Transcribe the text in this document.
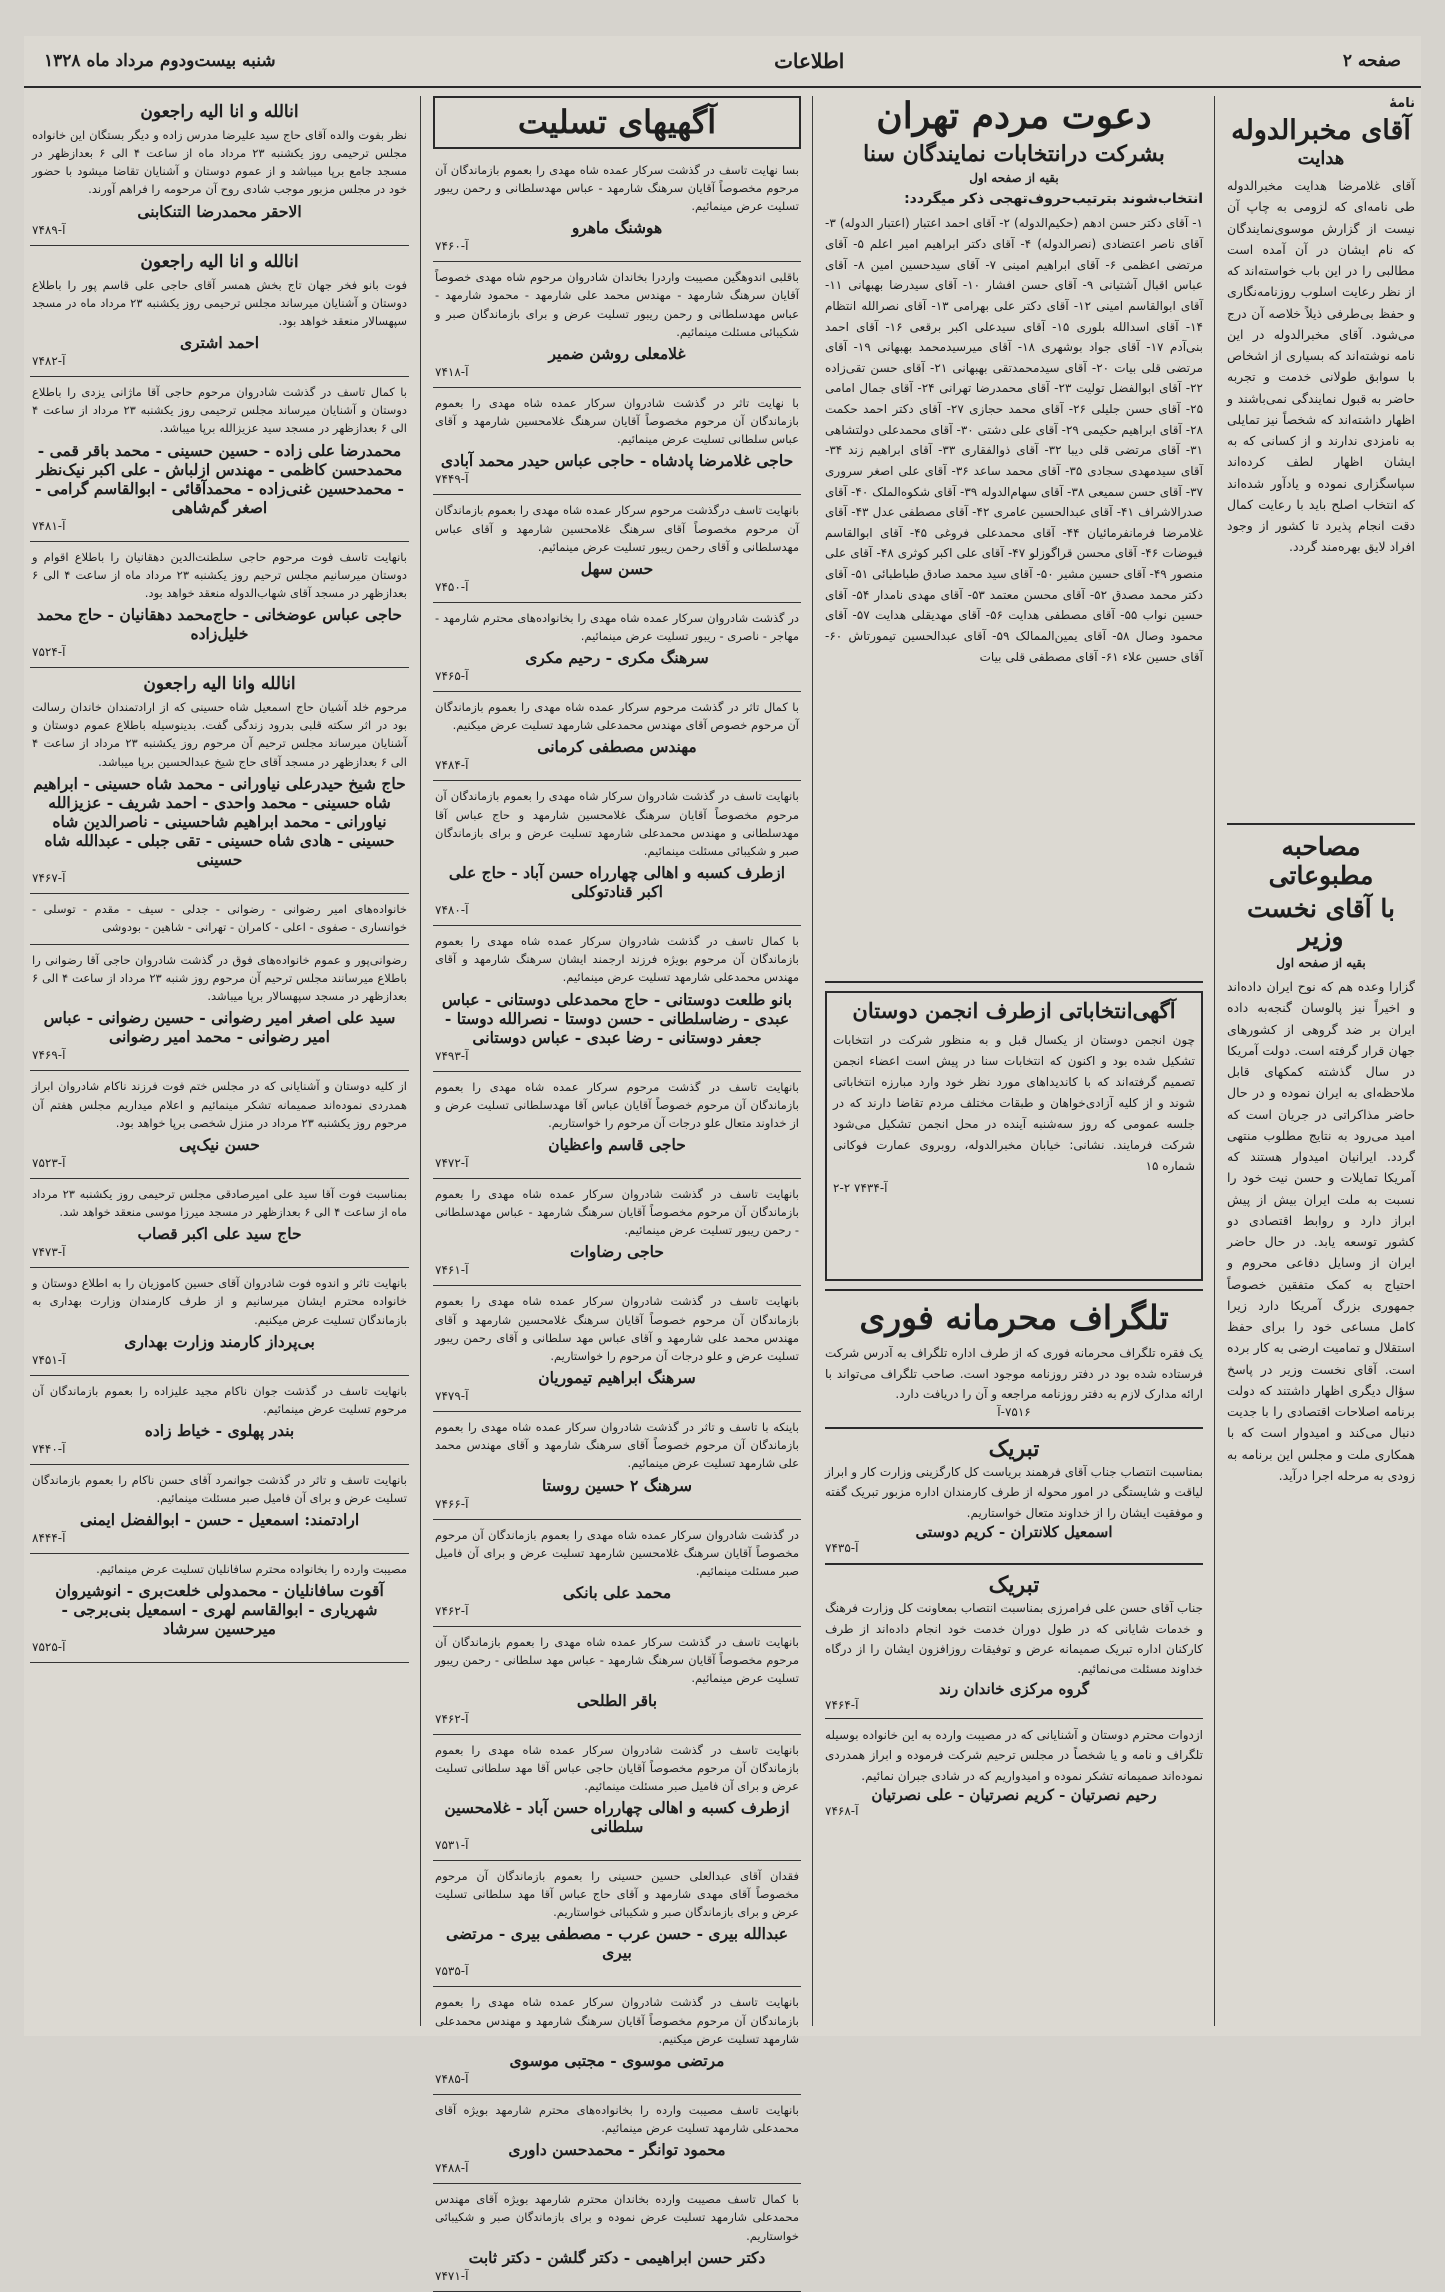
صفحه ۲
اطلاعات
شنبه بیست‌ودوم مرداد ماه ۱۳۲۸
نامهٔ
آقای مخبرالدوله
هدایت
آقای غلامرضا هدایت مخبرالدوله طی نامه‌ای که لزومی به چاپ آن نیست از گزارش موسوی‌نمایندگان که نام ایشان در آن آمده است مطالبی را در این باب خواسته‌اند که از نظر رعایت اسلوب روزنامه‌نگاری و حفظ بی‌طرفی ذیلاً خلاصه آن درج می‌شود. آقای مخبرالدوله در این نامه نوشته‌اند که بسیاری از اشخاص با سوابق طولانی خدمت و تجربه حاضر به قبول نمایندگی نمی‌باشند و اظهار داشته‌اند که شخصاً نیز تمایلی به نامزدی ندارند و از کسانی که به ایشان اظهار لطف کرده‌اند سپاسگزاری نموده و یادآور شده‌اند که انتخاب اصلح باید با رعایت کمال دقت انجام پذیرد تا کشور از وجود افراد لایق بهره‌مند گردد.
مصاحبه مطبوعاتی
با آقای نخست وزیر
بقیه از صفحه اول
گزارا وعده هم که نوح ایران داده‌اند و اخیراً نیز پالوسان گنجه‌به داده ایران بر ضد گروهی از کشورهای جهان قرار گرفته است. دولت آمریکا در سال گذشته کمکهای قابل ملاحظه‌ای به ایران نموده و در حال حاضر مذاکراتی در جریان است که امید می‌رود به نتایج مطلوب منتهی گردد. ایرانیان امیدوار هستند که آمریکا تمایلات و حسن نیت خود را نسبت به ملت ایران بیش از پیش ابراز دارد و روابط اقتصادی دو کشور توسعه یابد. در حال حاضر ایران از وسایل دفاعی محروم و احتیاج به کمک متفقین خصوصاً جمهوری بزرگ آمریکا دارد زیرا کامل مساعی خود را برای حفظ استقلال و تمامیت ارضی به کار برده است. آقای نخست وزیر در پاسخ سؤال دیگری اظهار داشتند که دولت برنامه اصلاحات اقتصادی را با جدیت دنبال می‌کند و امیدوار است که با همکاری ملت و مجلس این برنامه به زودی به مرحله اجرا درآید.
دعوت مردم تهران
بشرکت درانتخابات نمایندگان سنا
بقیه از صفحه اول
انتخاب‌شوند بترتیب‌حروف‌تهجی ذکر میگردد:
۱- آقای دکتر حسن ادهم (حکیم‌الدوله) ۲- آقای احمد اعتبار (اعتبار الدوله) ۳- آقای ناصر اعتضادی (نصرالدوله) ۴- آقای دکتر ابراهیم امیر اعلم ۵- آقای مرتضی اعظمی ۶- آقای ابراهیم امینی ۷- آقای سیدحسین امین ۸- آقای عباس اقبال آشتیانی ۹- آقای حسن افشار ۱۰- آقای سیدرضا بهبهانی ۱۱- آقای ابوالقاسم امینی ۱۲- آقای دکتر علی بهرامی ۱۳- آقای نصرالله انتظام ۱۴- آقای اسدالله بلوری ۱۵- آقای سیدعلی اکبر برقعی ۱۶- آقای احمد بنی‌آدم ۱۷- آقای جواد بوشهری ۱۸- آقای میرسیدمحمد بهبهانی ۱۹- آقای مرتضی قلی بیات ۲۰- آقای سیدمحمدتقی بهبهانی ۲۱- آقای حسن تقی‌زاده ۲۲- آقای ابوالفضل تولیت ۲۳- آقای محمدرضا تهرانی ۲۴- آقای جمال امامی ۲۵- آقای حسن جلیلی ۲۶- آقای محمد حجازی ۲۷- آقای دکتر احمد حکمت ۲۸- آقای ابراهیم حکیمی ۲۹- آقای علی دشتی ۳۰- آقای محمدعلی دولتشاهی ۳۱- آقای مرتضی قلی دیبا ۳۲- آقای ذوالفقاری ۳۳- آقای ابراهیم زند ۳۴- آقای سیدمهدی سجادی ۳۵- آقای محمد ساعد ۳۶- آقای علی اصغر سروری ۳۷- آقای حسن سمیعی ۳۸- آقای سهام‌الدوله ۳۹- آقای شکوه‌الملک ۴۰- آقای صدرالاشراف ۴۱- آقای عبدالحسین عامری ۴۲- آقای مصطفی عدل ۴۳- آقای غلامرضا فرمانفرمائیان ۴۴- آقای محمدعلی فروغی ۴۵- آقای ابوالقاسم فیوضات ۴۶- آقای محسن قراگوزلو ۴۷- آقای علی اکبر کوثری ۴۸- آقای علی منصور ۴۹- آقای حسین مشیر ۵۰- آقای سید محمد صادق طباطبائی ۵۱- آقای دکتر محمد مصدق ۵۲- آقای محسن معتمد ۵۳- آقای مهدی نامدار ۵۴- آقای حسین نواب ۵۵- آقای مصطفی هدایت ۵۶- آقای مهدیقلی هدایت ۵۷- آقای محمود وصال ۵۸- آقای یمین‌الممالک ۵۹- آقای عبدالحسین تیمورتاش ۶۰- آقای حسین علاء ۶۱- آقای مصطفی قلی بیات
آگهی‌انتخاباتی ازطرف انجمن دوستان
چون انجمن دوستان از یکسال قبل و به منظور شرکت در انتخابات تشکیل شده بود و اکنون که انتخابات سنا در پیش است اعضاء انجمن تصمیم گرفته‌اند که با کاندیداهای مورد نظر خود وارد مبارزه انتخاباتی شوند و از کلیه آزادی‌خواهان و طبقات مختلف مردم تقاضا دارند که در جلسه عمومی که روز سه‌شنبه آینده در محل انجمن تشکیل می‌شود شرکت فرمایند. نشانی: خیابان مخبرالدوله، روبروی عمارت فوکانی شماره ۱۵
۲-۲ ۷۴۳۴-آ
تلگراف محرمانه فوری
یک فقره تلگراف محرمانه فوری که از طرف اداره تلگراف به آدرس شرکت فرستاده شده بود در دفتر روزنامه موجود است. صاحب تلگراف می‌تواند با ارائه مدارک لازم به دفتر روزنامه مراجعه و آن را دریافت دارد.
۷۵۱۶-آ
تبریک
بمناسبت انتصاب جناب آقای فرهمند بریاست کل کارگزینی وزارت کار و ابراز لیاقت و شایستگی در امور محوله از طرف کارمندان اداره مزبور تبریک گفته و موفقیت ایشان را از خداوند متعال خواستاریم.
اسمعیل کلانتران - کریم دوستی
۷۴۳۵-آ
تبریک
جناب آقای حسن علی فرامرزی بمناسبت انتصاب بمعاونت کل وزارت فرهنگ و خدمات شایانی که در طول دوران خدمت خود انجام داده‌اند از طرف کارکنان اداره تبریک صمیمانه عرض و توفیقات روزافزون ایشان را از درگاه خداوند مسئلت می‌نمائیم.
گروه مرکزی خاندان رند
۷۴۶۴-آ
ازدوات محترم دوستان و آشنایانی که در مصیبت وارده به این خانواده بوسیله تلگراف و نامه و یا شخصاً در مجلس ترحیم شرکت فرموده و ابراز همدردی نموده‌اند صمیمانه تشکر نموده و امیدواریم که در شادی جبران نمائیم.
رحیم نصرتیان - کریم نصرتیان - علی نصرتیان
۷۴۶۸-آ
آگهیهای تسلیت
بسا نهایت تاسف در گذشت سرکار عمده شاه مهدی را بعموم بازماندگان آن مرحوم مخصوصاً آقایان سرهنگ شارمهد - عباس مهدسلطانی و رحمن ریبور تسلیت عرض مینمائیم.
هوشنگ ماهرو
۷۴۶۰-آ
باقلبی اندوهگین مصیبت واردرا بخاندان شادروان مرحوم شاه مهدی خصوصاً آقایان سرهنگ شارمهد - مهندس محمد علی شارمهد - محمود شارمهد - عباس مهدسلطانی و رحمن ریبور تسلیت عرض و برای بازماندگان صبر و شکیبائی مسئلت مینمائیم.
غلامعلی روشن ضمیر
۷۴۱۸-آ
با نهایت تاثر در گذشت شادروان سرکار عمده شاه مهدی را بعموم بازماندگان آن مرحوم مخصوصاً آقایان سرهنگ غلامحسین شارمهد و آقای عباس سلطانی تسلیت عرض مینمائیم.
حاجی غلامرضا پادشاه - حاجی عباس حیدر محمد آبادی
۷۴۴۹-آ
بانهایت تاسف درگذشت مرحوم سرکار عمده شاه مهدی را بعموم بازماندگان آن مرحوم مخصوصاً آقای سرهنگ غلامحسین شارمهد و آقای عباس مهدسلطانی و آقای رحمن ریبور تسلیت عرض مینمائیم.
حسن سهل
۷۴۵۰-آ
در گذشت شادروان سرکار عمده شاه مهدی را بخانواده‌های محترم شارمهد - مهاجر - ناصری - ریبور تسلیت عرض مینمائیم.
سرهنگ مکری - رحیم مکری
۷۴۶۵-آ
با کمال تاثر در گذشت مرحوم سرکار عمده شاه مهدی را بعموم بازماندگان آن مرحوم خصوص آقای مهندس محمدعلی شارمهد تسلیت عرض میکنیم.
مهندس مصطفی کرمانی
۷۴۸۴-آ
بانهایت تاسف در گذشت شادروان سرکار شاه مهدی را بعموم بازماندگان آن مرحوم مخصوصاً آقایان سرهنگ غلامحسین شارمهد و حاج عباس آقا مهدسلطانی و مهندس محمدعلی شارمهد تسلیت عرض و برای بازماندگان صبر و شکیبائی مسئلت مینمائیم.
ازطرف کسبه و اهالی چهارراه حسن آباد - حاج علی اکبر قنادتوکلی
۷۴۸۰-آ
با کمال تاسف در گذشت شادروان سرکار عمده شاه مهدی را بعموم بازماندگان آن مرحوم بویژه فرزند ارجمند ایشان سرهنگ شارمهد و آقای مهندس محمدعلی شارمهد تسلیت عرض مینمائیم.
بانو طلعت دوستانی - حاج محمدعلی دوستانی - عباس عبدی - رضاسلطانی - حسن دوستا - نصرالله دوستا - جعفر دوستانی - رضا عبدی - عباس دوستانی
۷۴۹۳-آ
بانهایت تاسف در گذشت مرحوم سرکار عمده شاه مهدی را بعموم بازماندگان آن مرحوم خصوصاً آقایان عباس آقا مهدسلطانی تسلیت عرض و از خداوند متعال علو درجات آن مرحوم را خواستاریم.
حاجی قاسم واعظیان
۷۴۷۲-آ
بانهایت تاسف در گذشت شادروان سرکار عمده شاه مهدی را بعموم بازماندگان آن مرحوم مخصوصاً آقایان سرهنگ شارمهد - عباس مهدسلطانی - رحمن ریبور تسلیت عرض مینمائیم.
حاجی رضاوات
۷۴۶۱-آ
بانهایت تاسف در گذشت شادروان سرکار عمده شاه مهدی را بعموم بازماندگان آن مرحوم خصوصاً آقایان سرهنگ غلامحسین شارمهد و آقای مهندس محمد علی شارمهد و آقای عباس مهد سلطانی و آقای رحمن ریبور تسلیت عرض و علو درجات آن مرحوم را خواستاریم.
سرهنگ ابراهیم تیموریان
۷۴۷۹-آ
باینکه با تاسف و تاثر در گذشت شادروان سرکار عمده شاه مهدی را بعموم بازماندگان آن مرحوم خصوصاً آقای سرهنگ شارمهد و آقای مهندس محمد علی شارمهد تسلیت عرض مینمائیم.
سرهنگ ۲ حسین روستا
۷۴۶۶-آ
در گذشت شادروان سرکار عمده شاه مهدی را بعموم بازماندگان آن مرحوم مخصوصاً آقایان سرهنگ غلامحسین شارمهد تسلیت عرض و برای آن فامیل صبر مسئلت مینمائیم.
محمد علی بانکی
۷۴۶۲-آ
بانهایت تاسف در گذشت سرکار عمده شاه مهدی را بعموم بازماندگان آن مرحوم مخصوصاً آقایان سرهنگ شارمهد - عباس مهد سلطانی - رحمن ریبور تسلیت عرض مینمائیم.
باقر الطلحی
۷۴۶۲-آ
بانهایت تاسف در گذشت شادروان سرکار عمده شاه مهدی را بعموم بازماندگان آن مرحوم مخصوصاً آقایان حاجی عباس آقا مهد سلطانی تسلیت عرض و برای آن فامیل صبر مسئلت مینمائیم.
ازطرف کسبه و اهالی چهارراه حسن آباد - غلامحسین سلطانی
۷۵۳۱-آ
فقدان آقای عبدالعلی حسین حسینی را بعموم بازماندگان آن مرحوم مخصوصاً آقای مهدی شارمهد و آقای حاج عباس آقا مهد سلطانی تسلیت عرض و برای بازماندگان صبر و شکیبائی خواستاریم.
عبدالله بیری - حسن عرب - مصطفی بیری - مرتضی بیری
۷۵۳۵-آ
بانهایت تاسف در گذشت شادروان سرکار عمده شاه مهدی را بعموم بازماندگان آن مرحوم مخصوصاً آقایان سرهنگ شارمهد و مهندس محمدعلی شارمهد تسلیت عرض میکنیم.
مرتضی موسوی - مجتبی موسوی
۷۴۸۵-آ
بانهایت تاسف مصیبت وارده را بخانواده‌های محترم شارمهد بویژه آقای محمدعلی شارمهد تسلیت عرض مینمائیم.
محمود توانگر - محمدحسن داوری
۷۴۸۸-آ
با کمال تاسف مصیبت وارده بخاندان محترم شارمهد بویژه آقای مهندس محمدعلی شارمهد تسلیت عرض نموده و برای بازماندگان صبر و شکیبائی خواستاریم.
دکتر حسن ابراهیمی - دکتر گلشن - دکتر ثابت
۷۴۷۱-آ
انالله و انا الیه راجعون
نظر بفوت والده آقای حاج سید علیرضا مدرس زاده و دیگر بستگان این خانواده مجلس ترحیمی روز یکشنبه ۲۳ مرداد ماه از ساعت ۴ الی ۶ بعدازظهر در مسجد جامع برپا میباشد و از عموم دوستان و آشنایان تقاضا میشود با حضور خود در مجلس مزبور موجب شادی روح آن مرحومه را فراهم آورند.
الاحقر محمدرضا التنکابنی
۷۴۸۹-آ
انالله و انا الیه راجعون
فوت بانو فخر جهان تاج بخش همسر آقای حاجی علی قاسم پور را باطلاع دوستان و آشنایان میرساند مجلس ترحیمی روز یکشنبه ۲۳ مرداد ماه در مسجد سپهسالار منعقد خواهد بود.
احمد اشتری
۷۴۸۲-آ
با کمال تاسف در گذشت شادروان مرحوم حاجی آقا ماژانی یزدی را باطلاع دوستان و آشنایان میرساند مجلس ترحیمی روز یکشنبه ۲۳ مرداد از ساعت ۴ الی ۶ بعدازظهر در مسجد سید عزیزالله برپا میباشد.
محمدرضا علی زاده - حسین حسینی - محمد باقر قمی - محمدحسن کاظمی - مهندس ازلباش - علی اکبر نیک‌نظر - محمدحسین غنی‌زاده - محمدآقائی - ابوالقاسم گرامی - اصغر گم‌شاهی
۷۴۸۱-آ
بانهایت تاسف فوت مرحوم حاجی سلطنت‌الدین دهقانیان را باطلاع اقوام و دوستان میرسانیم مجلس ترحیم روز یکشنبه ۲۳ مرداد ماه از ساعت ۴ الی ۶ بعدازظهر در مسجد آقای شهاب‌الدوله منعقد خواهد بود.
حاجی عباس عوضخانی - حاج‌محمد دهقانیان - حاج محمد خلیل‌زاده
۷۵۲۴-آ
انالله وانا الیه راجعون
مرحوم خلد آشیان حاج اسمعیل شاه حسینی که از ارادتمندان خاندان رسالت بود در اثر سکته قلبی بدرود زندگی گفت. بدینوسیله باطلاع عموم دوستان و آشنایان میرساند مجلس ترحیم آن مرحوم روز یکشنبه ۲۳ مرداد از ساعت ۴ الی ۶ بعدازظهر در مسجد آقای حاج شیخ عبدالحسین برپا میباشد.
حاج شیخ حیدرعلی نیاورانی - محمد شاه حسینی - ابراهیم شاه حسینی - محمد واحدی - احمد شریف - عزیزالله نیاورانی - محمد ابراهیم شاحسینی - ناصرالدین شاه حسینی - هادی شاه حسینی - تقی جبلی - عبدالله شاه حسینی
۷۴۶۷-آ
خانواده‌های امیر رضوانی - رضوانی - جدلی - سیف - مقدم - توسلی - خوانساری - صفوی - اعلی - کامران - تهرانی - شاهین - بودوشی
رضوانی‌پور و عموم خانواده‌های فوق در گذشت شادروان حاجی آقا رضوانی را باطلاع میرسانند مجلس ترحیم آن مرحوم روز شنبه ۲۳ مرداد از ساعت ۴ الی ۶ بعدازظهر در مسجد سپهسالار برپا میباشد.
سید علی اصغر امیر رضوانی - حسین رضوانی - عباس امیر رضوانی - محمد امیر رضوانی
۷۴۶۹-آ
از کلیه دوستان و آشنایانی که در مجلس ختم فوت فرزند ناکام شادروان ابراز همدردی نموده‌اند صمیمانه تشکر مینمائیم و اعلام میداریم مجلس هفتم آن مرحوم روز یکشنبه ۲۳ مرداد در منزل شخصی برپا خواهد بود.
حسن نیک‌پی
۷۵۲۳-آ
بمناسبت فوت آقا سید علی امیرصادقی مجلس ترحیمی روز یکشنبه ۲۳ مرداد ماه از ساعت ۴ الی ۶ بعدازظهر در مسجد میرزا موسی منعقد خواهد شد.
حاج سید علی اکبر قصاب
۷۴۷۳-آ
بانهایت تاثر و اندوه فوت شادروان آقای حسین کاموزیان را به اطلاع دوستان و خانواده محترم ایشان میرسانیم و از طرف کارمندان وزارت بهداری به بازماندگان تسلیت عرض میکنیم.
بی‌پرداز کارمند وزارت بهداری
۷۴۵۱-آ
بانهایت تاسف در گذشت جوان ناکام مجید علیزاده را بعموم بازماندگان آن مرحوم تسلیت عرض مینمائیم.
بندر پهلوی - خیاط زاده
۷۴۴۰-آ
بانهایت تاسف و تاثر در گذشت جوانمرد آقای حسن ناکام را بعموم بازماندگان تسلیت عرض و برای آن فامیل صبر مسئلت مینمائیم.
ارادتمند: اسمعیل - حسن - ابوالفضل ایمنی
۸۴۴۴-آ
مصیبت وارده را بخانواده محترم سافانلیان تسلیت عرض مینمائیم.
آقوت سافانلیان - محمدولی خلعت‌بری - انوشیروان شهریاری - ابوالقاسم لهری - اسمعیل بنی‌برجی - میرحسین سرشاد
۷۵۲۵-آ
